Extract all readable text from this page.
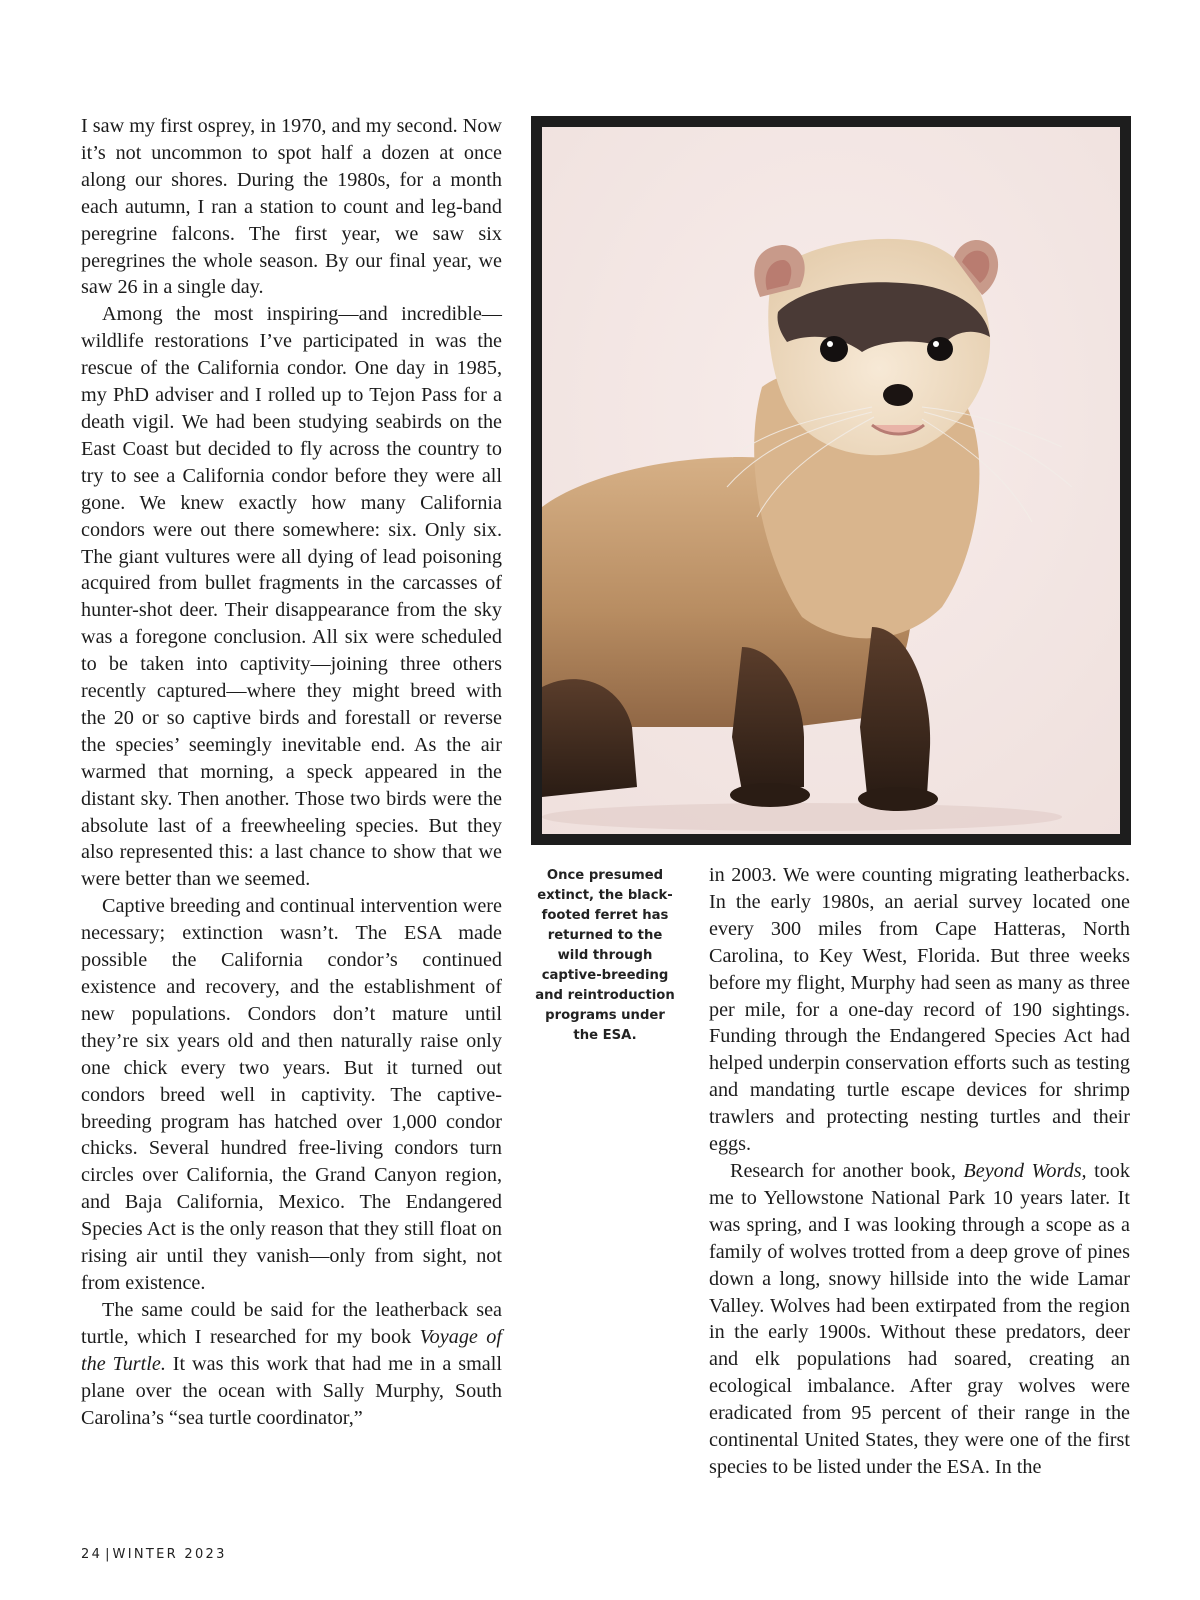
I saw my first osprey, in 1970, and my second. Now it’s not uncommon to spot half a dozen at once along our shores. During the 1980s, for a month each autumn, I ran a station to count and leg-band peregrine falcons. The first year, we saw six peregrines the whole season. By our final year, we saw 26 in a single day.

Among the most inspiring—and incredible—wildlife restorations I’ve participated in was the rescue of the California condor. One day in 1985, my PhD adviser and I rolled up to Tejon Pass for a death vigil. We had been studying seabirds on the East Coast but decided to fly across the country to try to see a California condor before they were all gone. We knew exactly how many California condors were out there somewhere: six. Only six. The giant vultures were all dying of lead poisoning acquired from bullet fragments in the carcasses of hunter-shot deer. Their disappearance from the sky was a foregone conclusion. All six were scheduled to be taken into captivity—joining three others recently captured—where they might breed with the 20 or so captive birds and forestall or reverse the species’ seemingly inevitable end. As the air warmed that morning, a speck appeared in the distant sky. Then another. Those two birds were the absolute last of a freewheeling species. But they also represented this: a last chance to show that we were better than we seemed.

Captive breeding and continual intervention were necessary; extinction wasn’t. The ESA made possible the California condor’s continued existence and recovery, and the establishment of new populations. Condors don’t mature until they’re six years old and then naturally raise only one chick every two years. But it turned out condors breed well in captivity. The captive-breeding program has hatched over 1,000 condor chicks. Several hundred free-living condors turn circles over California, the Grand Canyon region, and Baja California, Mexico. The Endangered Species Act is the only reason that they still float on rising air until they vanish—only from sight, not from existence.

The same could be said for the leatherback sea turtle, which I researched for my book Voyage of the Turtle. It was this work that had me in a small plane over the ocean with Sally Murphy, South Carolina’s “sea turtle coordinator,”

Once presumed extinct, the black-footed ferret has returned to the wild through captive-breeding and reintroduction programs under the ESA.

in 2003. We were counting migrating leatherbacks. In the early 1980s, an aerial survey located one every 300 miles from Cape Hatteras, North Carolina, to Key West, Florida. But three weeks before my flight, Murphy had seen as many as three per mile, for a one-day record of 190 sightings. Funding through the Endangered Species Act had helped underpin conservation efforts such as testing and mandating turtle escape devices for shrimp trawlers and protecting nesting turtles and their eggs.

Research for another book, Beyond Words, took me to Yellowstone National Park 10 years later. It was spring, and I was looking through a scope as a family of wolves trotted from a deep grove of pines down a long, snowy hillside into the wide Lamar Valley. Wolves had been extirpated from the region in the early 1900s. Without these predators, deer and elk populations had soared, creating an ecological imbalance. After gray wolves were eradicated from 95 percent of their range in the continental United States, they were one of the first species to be listed under the ESA. In the

24 | WINTER 2023
